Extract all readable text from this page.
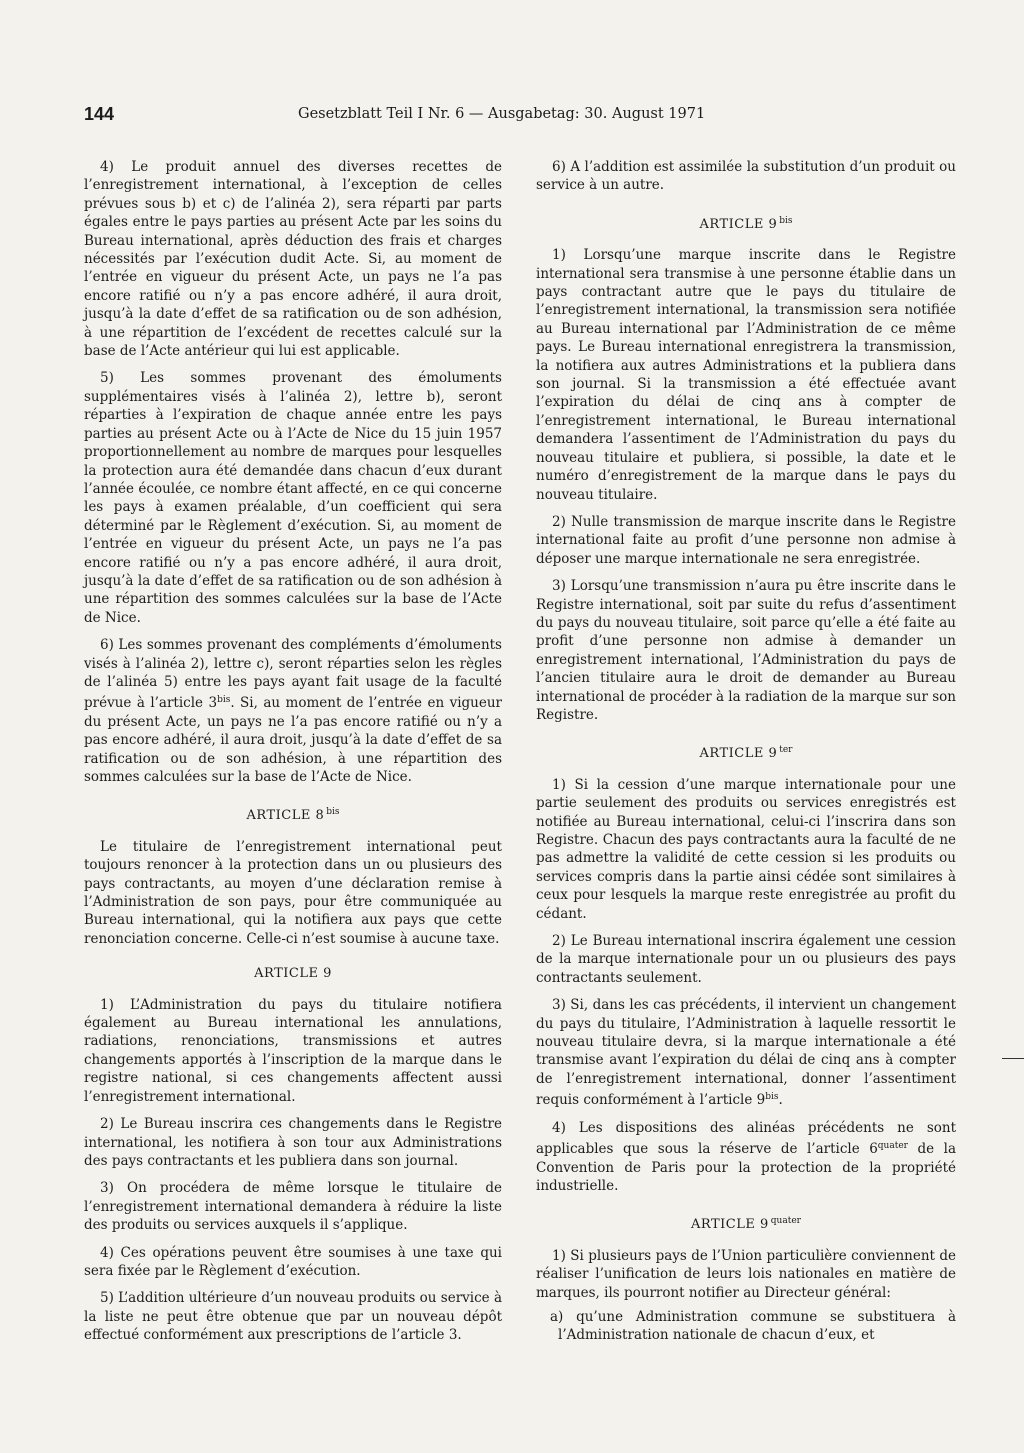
144	Gesetzblatt Teil I Nr. 6 — Ausgabetag: 30. August 1971

4) Le produit annuel des diverses recettes de l’enregistrement international, à l’exception de celles prévues sous b) et c) de l’alinéa 2), sera réparti par parts égales entre le pays parties au présent Acte par les soins du Bureau international, après déduction des frais et charges nécessités par l’exécution dudit Acte. Si, au moment de l’entrée en vigueur du présent Acte, un pays ne l’a pas encore ratifié ou n’y a pas encore adhéré, il aura droit, jusqu’à la date d’effet de sa ratification ou de son adhésion, à une répartition de l’excédent de recettes calculé sur la base de l’Acte antérieur qui lui est applicable.

5) Les sommes provenant des émoluments supplémentaires visés à l’alinéa 2), lettre b), seront réparties à l’expiration de chaque année entre les pays parties au présent Acte ou à l’Acte de Nice du 15 juin 1957 proportionnellement au nombre de marques pour lesquelles la protection aura été demandée dans chacun d’eux durant l’année écoulée, ce nombre étant affecté, en ce qui concerne les pays à examen préalable, d’un coefficient qui sera déterminé par le Règlement d’exécution. Si, au moment de l’entrée en vigueur du présent Acte, un pays ne l’a pas encore ratifié ou n’y a pas encore adhéré, il aura droit, jusqu’à la date d’effet de sa ratification ou de son adhésion à une répartition des sommes calculées sur la base de l’Acte de Nice.

6) Les sommes provenant des compléments d’émoluments visés à l’alinéa 2), lettre c), seront réparties selon les règles de l’alinéa 5) entre les pays ayant fait usage de la faculté prévue à l’article $3^{bis}$. Si, au moment de l’entrée en vigueur du présent Acte, un pays ne l’a pas encore ratifié ou n’y a pas encore adhéré, il aura droit, jusqu’à la date d’effet de sa ratification ou de son adhésion, à une répartition des sommes calculées sur la base de l’Acte de Nice.

ARTICLE 8 $^{bis}$

Le titulaire de l’enregistrement international peut toujours renoncer à la protection dans un ou plusieurs des pays contractants, au moyen d’une déclaration remise à l’Administration de son pays, pour être communiquée au Bureau international, qui la notifiera aux pays que cette renonciation concerne. Celle-ci n’est soumise à aucune taxe.

ARTICLE 9

1) L’Administration du pays du titulaire notifiera également au Bureau international les annulations, radiations, renonciations, transmissions et autres changements apportés à l’inscription de la marque dans le registre national, si ces changements affectent aussi l’enregistrement international.

2) Le Bureau inscrira ces changements dans le Registre international, les notifiera à son tour aux Administrations des pays contractants et les publiera dans son journal.

3) On procédera de même lorsque le titulaire de l’enregistrement international demandera à réduire la liste des produits ou services auxquels il s’applique.

4) Ces opérations peuvent être soumises à une taxe qui sera fixée par le Règlement d’exécution.

5) L’addition ultérieure d’un nouveau produits ou service à la liste ne peut être obtenue que par un nouveau dépôt effectué conformément aux prescriptions de l’article 3.

6) A l’addition est assimilée la substitution d’un produit ou service à un autre.

ARTICLE 9 $^{bis}$

1) Lorsqu’une marque inscrite dans le Registre international sera transmise à une personne établie dans un pays contractant autre que le pays du titulaire de l’enregistrement international, la transmission sera notifiée au Bureau international par l’Administration de ce même pays. Le Bureau international enregistrera la transmission, la notifiera aux autres Administrations et la publiera dans son journal. Si la transmission a été effectuée avant l’expiration du délai de cinq ans à compter de l’enregistrement international, le Bureau international demandera l’assentiment de l’Administration du pays du nouveau titulaire et publiera, si possible, la date et le numéro d’enregistrement de la marque dans le pays du nouveau titulaire.

2) Nulle transmission de marque inscrite dans le Registre international faite au profit d’une personne non admise à déposer une marque internationale ne sera enregistrée.

3) Lorsqu’une transmission n’aura pu être inscrite dans le Registre international, soit par suite du refus d’assentiment du pays du nouveau titulaire, soit parce qu’elle a été faite au profit d’une personne non admise à demander un enregistrement international, l’Administration du pays de l’ancien titulaire aura le droit de demander au Bureau international de procéder à la radiation de la marque sur son Registre.

ARTICLE 9 $^{ter}$

1) Si la cession d’une marque internationale pour une partie seulement des produits ou services enregistrés est notifiée au Bureau international, celui-ci l’inscrira dans son Registre. Chacun des pays contractants aura la faculté de ne pas admettre la validité de cette cession si les produits ou services compris dans la partie ainsi cédée sont similaires à ceux pour lesquels la marque reste enregistrée au profit du cédant.

2) Le Bureau international inscrira également une cession de la marque internationale pour un ou plusieurs des pays contractants seulement.

3) Si, dans les cas précédents, il intervient un changement du pays du titulaire, l’Administration à laquelle ressortit le nouveau titulaire devra, si la marque internationale a été transmise avant l’expiration du délai de cinq ans à compter de l’enregistrement international, donner l’assentiment requis conformément à l’article $9^{bis}$.

4) Les dispositions des alinéas précédents ne sont applicables que sous la réserve de l’article $6^{quater}$ de la Convention de Paris pour la protection de la propriété industrielle.

ARTICLE 9 $^{quater}$

1) Si plusieurs pays de l’Union particulière conviennent de réaliser l’unification de leurs lois nationales en matière de marques, ils pourront notifier au Directeur général:

a) qu’une Administration commune se substituera à l’Administration nationale de chacun d’eux, et
